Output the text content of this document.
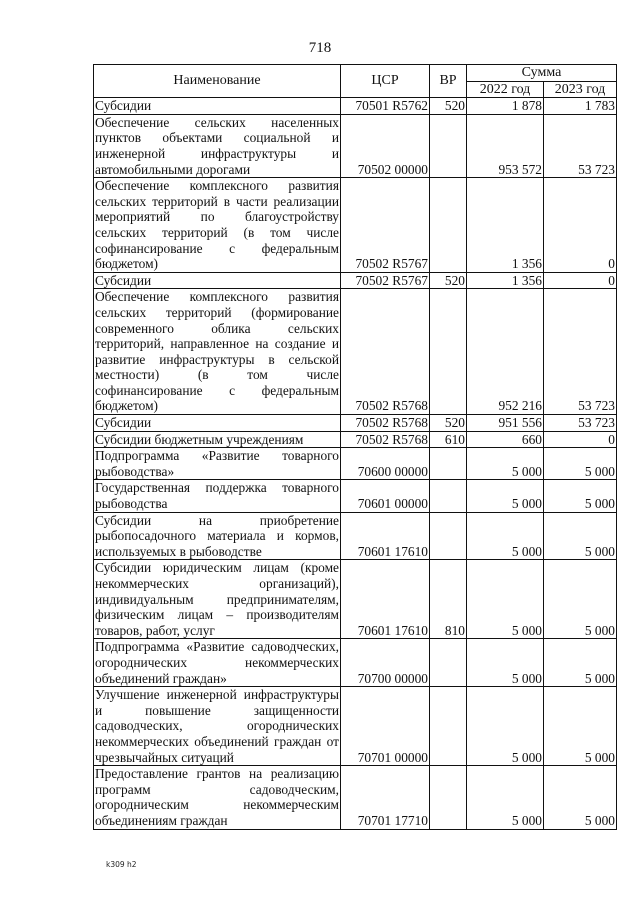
718
Наименование	ЦСР	ВР	Сумма	
			2022 год	2023 год
Субсидии	70501 R5762	520	1 878	1 783
Обеспечение сельских населенных пунктов объектами социальной и инженерной инфраструктуры и автомобильными дорогами	70502 00000		953 572	53 723
Обеспечение комплексного развития сельских территорий в части реализации мероприятий по благоустройству сельских территорий (в том числе софинансирование с федеральным бюджетом)	70502 R5767		1 356	0
Субсидии	70502 R5767	520	1 356	0
Обеспечение комплексного развития сельских территорий (формирование современного облика сельских территорий, направленное на создание и развитие инфраструктуры в сельской местности) (в том числе софинансирование с федеральным бюджетом)	70502 R5768		952 216	53 723
Субсидии	70502 R5768	520	951 556	53 723
Субсидии бюджетным учреждениям	70502 R5768	610	660	0
Подпрограмма «Развитие товарного рыбоводства»	70600 00000		5 000	5 000
Государственная поддержка товарного рыбоводства	70601 00000		5 000	5 000
Субсидии на приобретение рыбопосадочного материала и кормов, используемых в рыбоводстве	70601 17610		5 000	5 000
Субсидии юридическим лицам (кроме некоммерческих организаций), индивидуальным предпринимателям, физическим лицам – производителям товаров, работ, услуг	70601 17610	810	5 000	5 000
Подпрограмма «Развитие садоводческих, огороднических некоммерческих объединений граждан»	70700 00000		5 000	5 000
Улучшение инженерной инфраструктуры и повышение защищенности садоводческих, огороднических некоммерческих объединений граждан от чрезвычайных ситуаций	70701 00000		5 000	5 000
Предоставление грантов на реализацию программ садоводческим, огородническим некоммерческим объединениям граждан	70701 17710		5 000	5 000
k309 h2
